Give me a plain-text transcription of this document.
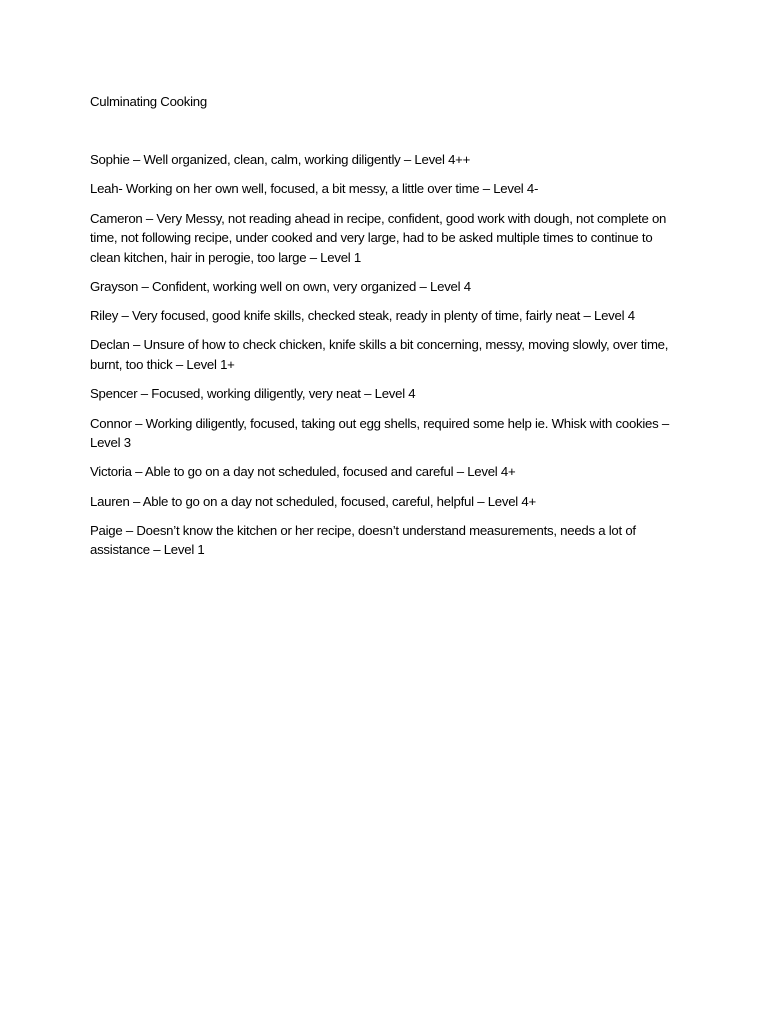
Culminating Cooking
Sophie – Well organized, clean, calm, working diligently – Level 4++
Leah- Working on her own well, focused, a bit messy, a little over time – Level 4-
Cameron – Very Messy, not reading ahead in recipe, confident, good work with dough, not complete on time, not following recipe, under cooked and very large, had to be asked multiple times to continue to clean kitchen, hair in perogie, too large – Level 1
Grayson – Confident, working well on own, very organized – Level 4
Riley – Very focused, good knife skills, checked steak, ready in plenty of time, fairly neat – Level 4
Declan – Unsure of how to check chicken, knife skills a bit concerning, messy, moving slowly, over time, burnt, too thick – Level 1+
Spencer – Focused, working diligently, very neat – Level 4
Connor – Working diligently, focused, taking out egg shells, required some help ie. Whisk with cookies – Level 3
Victoria – Able to go on a day not scheduled, focused and careful – Level 4+
Lauren – Able to go on a day not scheduled, focused, careful, helpful – Level 4+
Paige – Doesn’t know the kitchen or her recipe, doesn’t understand measurements, needs a lot of assistance – Level 1
